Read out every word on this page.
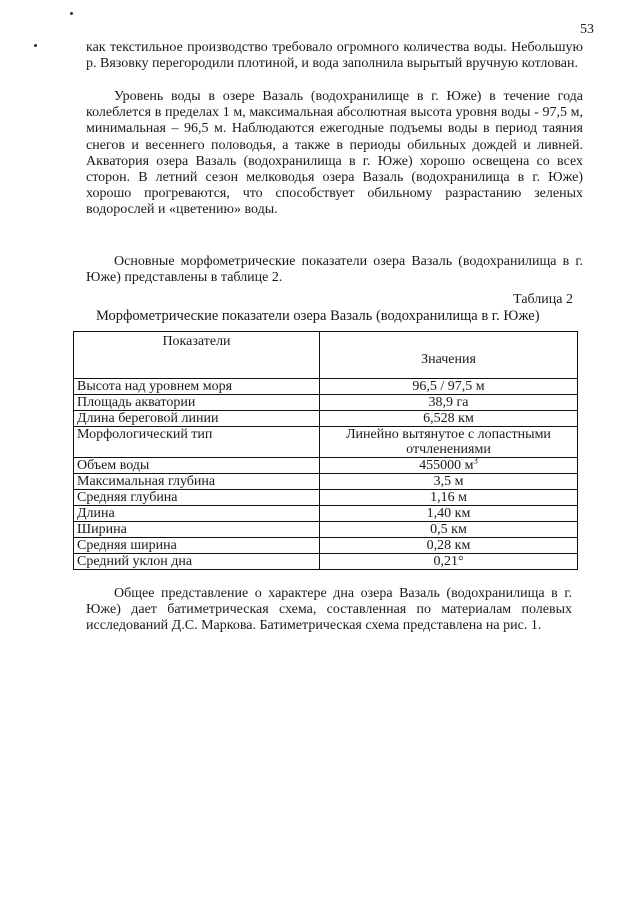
53
как текстильное производство требовало огромного количества воды. Небольшую р. Вязовку перегородили плотиной, и вода заполнила вырытый вручную котлован.
  Уровень воды в озере Вазаль (водохранилище в г. Юже) в течение года колеблется в пределах 1 м, максимальная абсолютная высота уровня воды - 97,5 м, минимальная – 96,5 м. Наблюдаются ежегодные подъемы воды в период таяния снегов и весеннего половодья, а также в периоды обильных дождей и ливней. Акватория озера Вазаль (водохранилища в г. Юже) хорошо освещена со всех сторон. В летний сезон мелководья озера Вазаль (водохранилища в г. Юже) хорошо прогреваются, что способствует обильному разрастанию зеленых водорослей и «цветению» воды.
  Основные морфометрические показатели озера Вазаль (водохранилища в г. Юже) представлены в таблице 2.
Таблица 2
Морфометрические показатели озера Вазаль (водохранилища в г. Юже)
Показатели	Значения
Высота над уровнем моря	96,5 / 97,5 м
Площадь акватории	38,9 га
Длина береговой линии	6,528 км
Морфологический тип	Линейно вытянутое с лопастными отчленениями
Объем воды	455000 $м^3$
Максимальная глубина	3,5 м
Средняя глубина	1,16 м
Длина	1,40 км
Ширина	0,5 км
Средняя ширина	0,28 км
Средний уклон дна	0,21°
  Общее представление о характере дна озера Вазаль (водохранилища в г. Юже) дает батиметрическая схема, составленная по материалам полевых исследований Д.С. Маркова. Батиметрическая схема представлена на рис. 1.
